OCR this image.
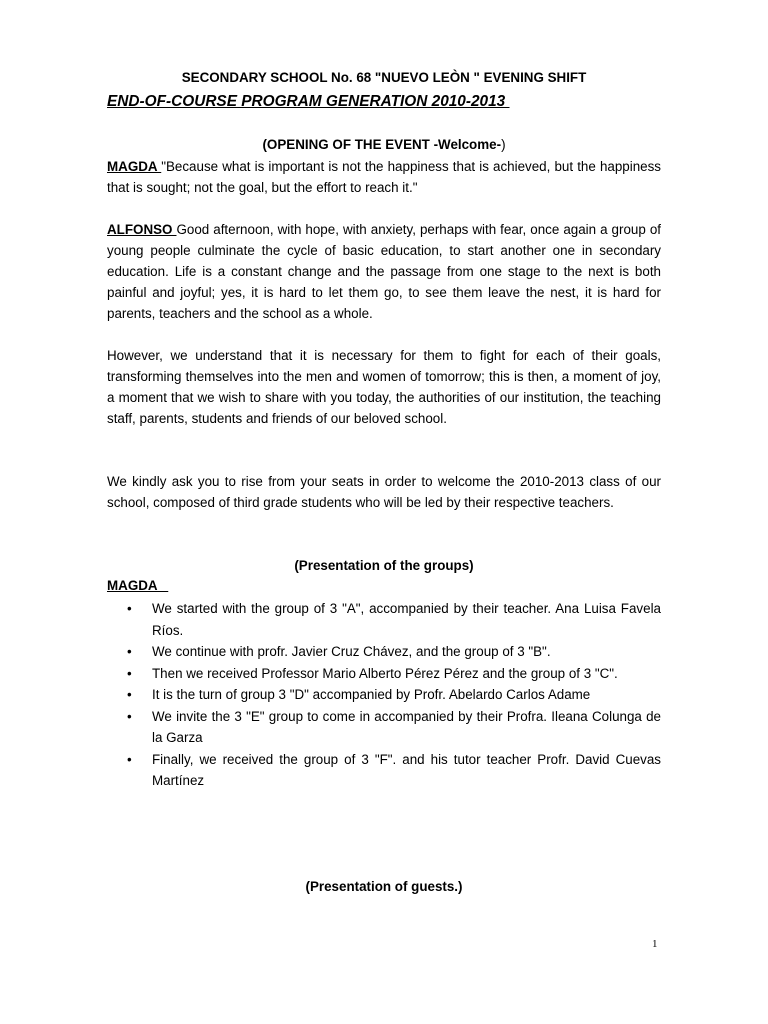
SECONDARY SCHOOL No. 68 "NUEVO LEÒN " EVENING SHIFT
END-OF-COURSE PROGRAM GENERATION 2010-2013
(OPENING OF THE EVENT -Welcome-)
MAGDA "Because what is important is not the happiness that is achieved, but the happiness that is sought; not the goal, but the effort to reach it."
ALFONSO Good afternoon, with hope, with anxiety, perhaps with fear, once again a group of young people culminate the cycle of basic education, to start another one in secondary education. Life is a constant change and the passage from one stage to the next is both painful and joyful; yes, it is hard to let them go, to see them leave the nest, it is hard for parents, teachers and the school as a whole.
However, we understand that it is necessary for them to fight for each of their goals, transforming themselves into the men and women of tomorrow; this is then, a moment of joy, a moment that we wish to share with you today, the authorities of our institution, the teaching staff, parents, students and friends of our beloved school.
We kindly ask you to rise from your seats in order to welcome the 2010-2013 class of our school, composed of third grade students who will be led by their respective teachers.
(Presentation of the groups)
MAGDA
• We started with the group of 3 "A", accompanied by their teacher. Ana Luisa Favela Ríos.
• We continue with profr. Javier Cruz Chávez, and the group of 3 "B".
• Then we received Professor Mario Alberto Pérez Pérez and the group of 3 "C".
• It is the turn of group 3 "D" accompanied by Profr. Abelardo Carlos Adame
• We invite the 3 "E" group to come in accompanied by their Profra. Ileana Colunga de la Garza
• Finally, we received the group of 3 "F". and his tutor teacher Profr. David Cuevas Martínez
(Presentation of guests.)
1
